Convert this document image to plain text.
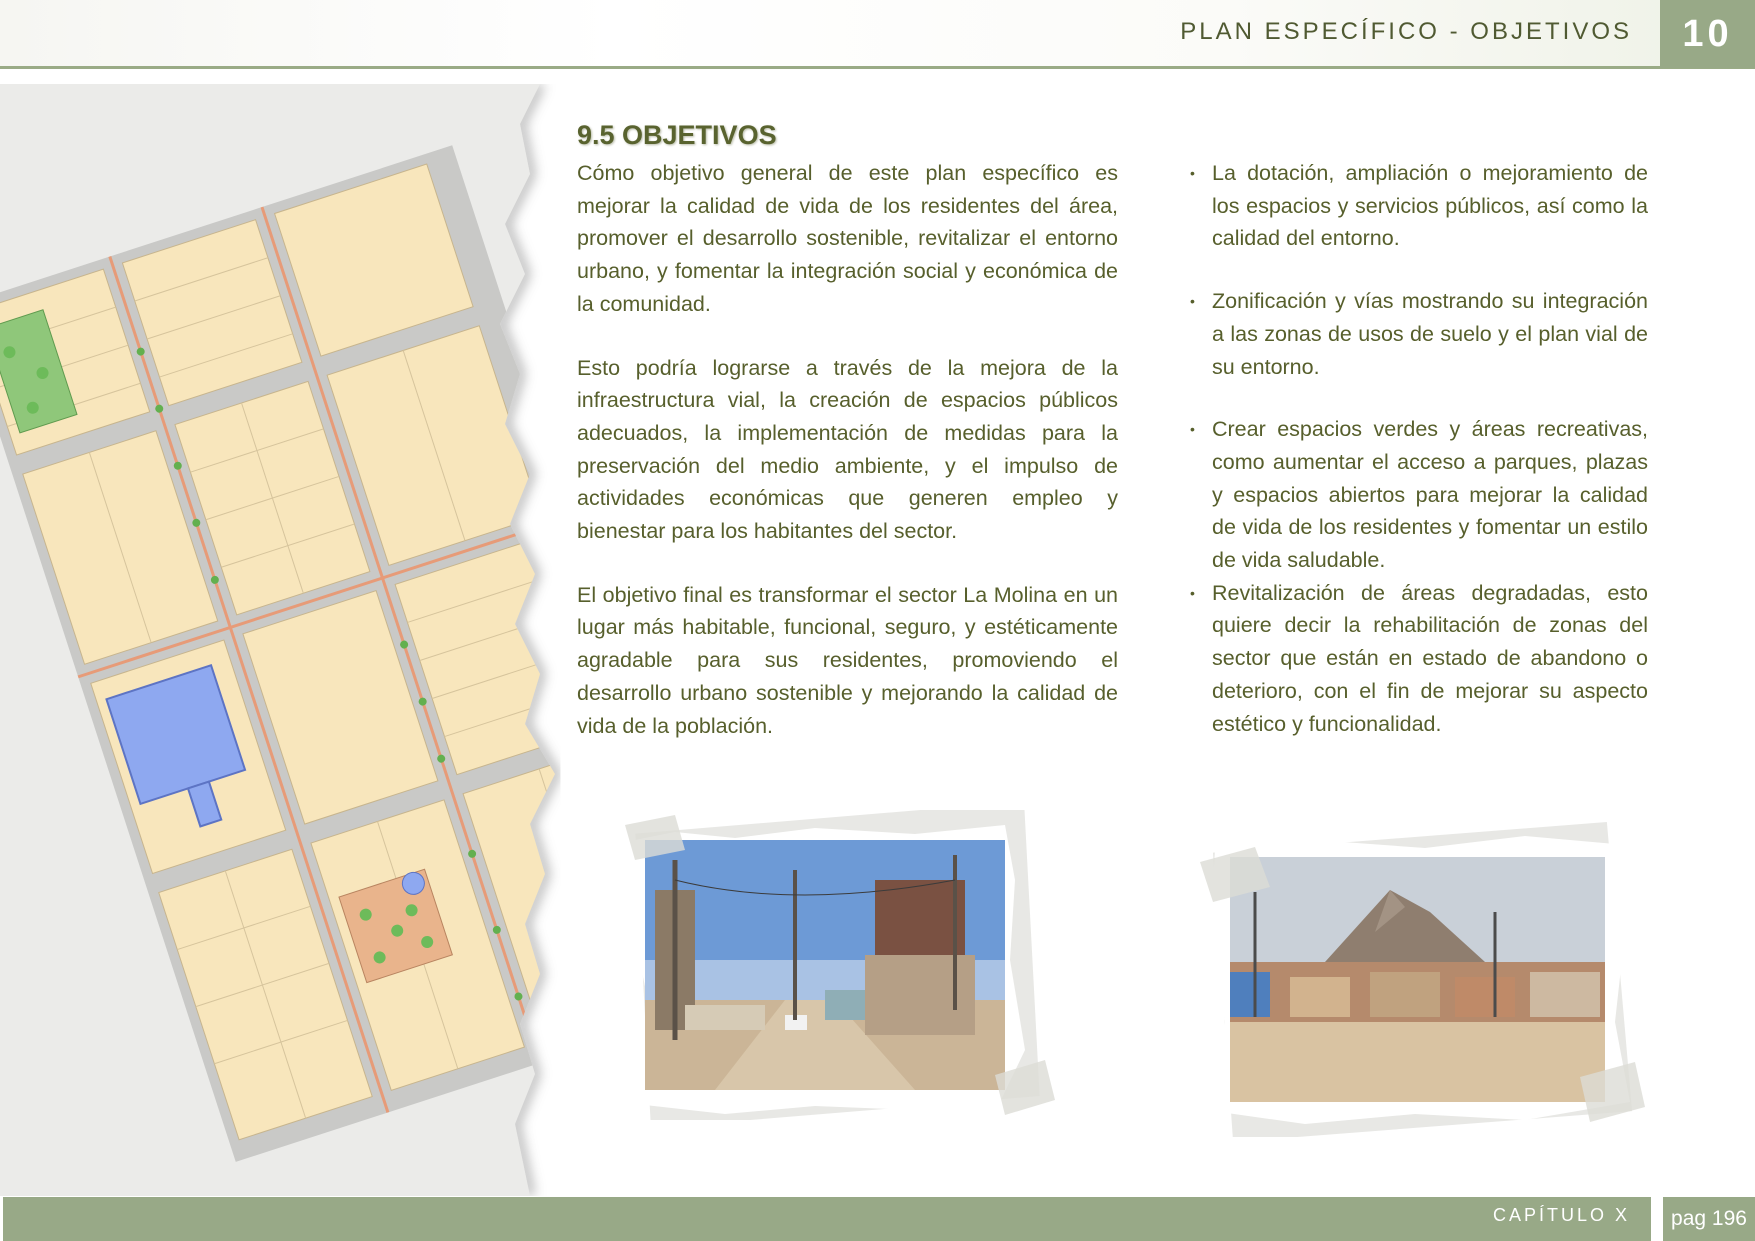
PLAN ESPECÍFICO - OBJETIVOS	10
9.5 OBJETIVOS

Cómo objetivo general de este plan específico es mejorar la calidad de vida de los residentes del área, promover el desarrollo sostenible, revitalizar el entorno urbano, y fomentar la integración social y económica de la comunidad.

Esto podría lograrse a través de la mejora de la infraestructura vial, la creación de espacios públicos adecuados, la implementación de medidas para la preservación del medio ambiente, y el impulso de actividades económicas que generen empleo y bienestar para los habitantes del sector.

El objetivo final es transformar el sector La Molina en un lugar más habitable, funcional, seguro, y estéticamente agradable para sus residentes, promoviendo el desarrollo urbano sostenible y mejorando la calidad de vida de la población.

• La dotación, ampliación o mejoramiento de los espacios y servicios públicos, así como la calidad del entorno.
• Zonificación y vías mostrando su integración a las zonas de usos de suelo y el plan vial de su entorno.
• Crear espacios verdes y áreas recreativas, como aumentar el acceso a parques, plazas y espacios abiertos para mejorar la calidad de vida de los residentes y fomentar un estilo de vida saludable.
• Revitalización de áreas degradadas, esto quiere decir la rehabilitación de zonas del sector que están en estado de abandono o deterioro, con el fin de mejorar su aspecto estético y funcionalidad.
CAPÍTULO X	pag 196
